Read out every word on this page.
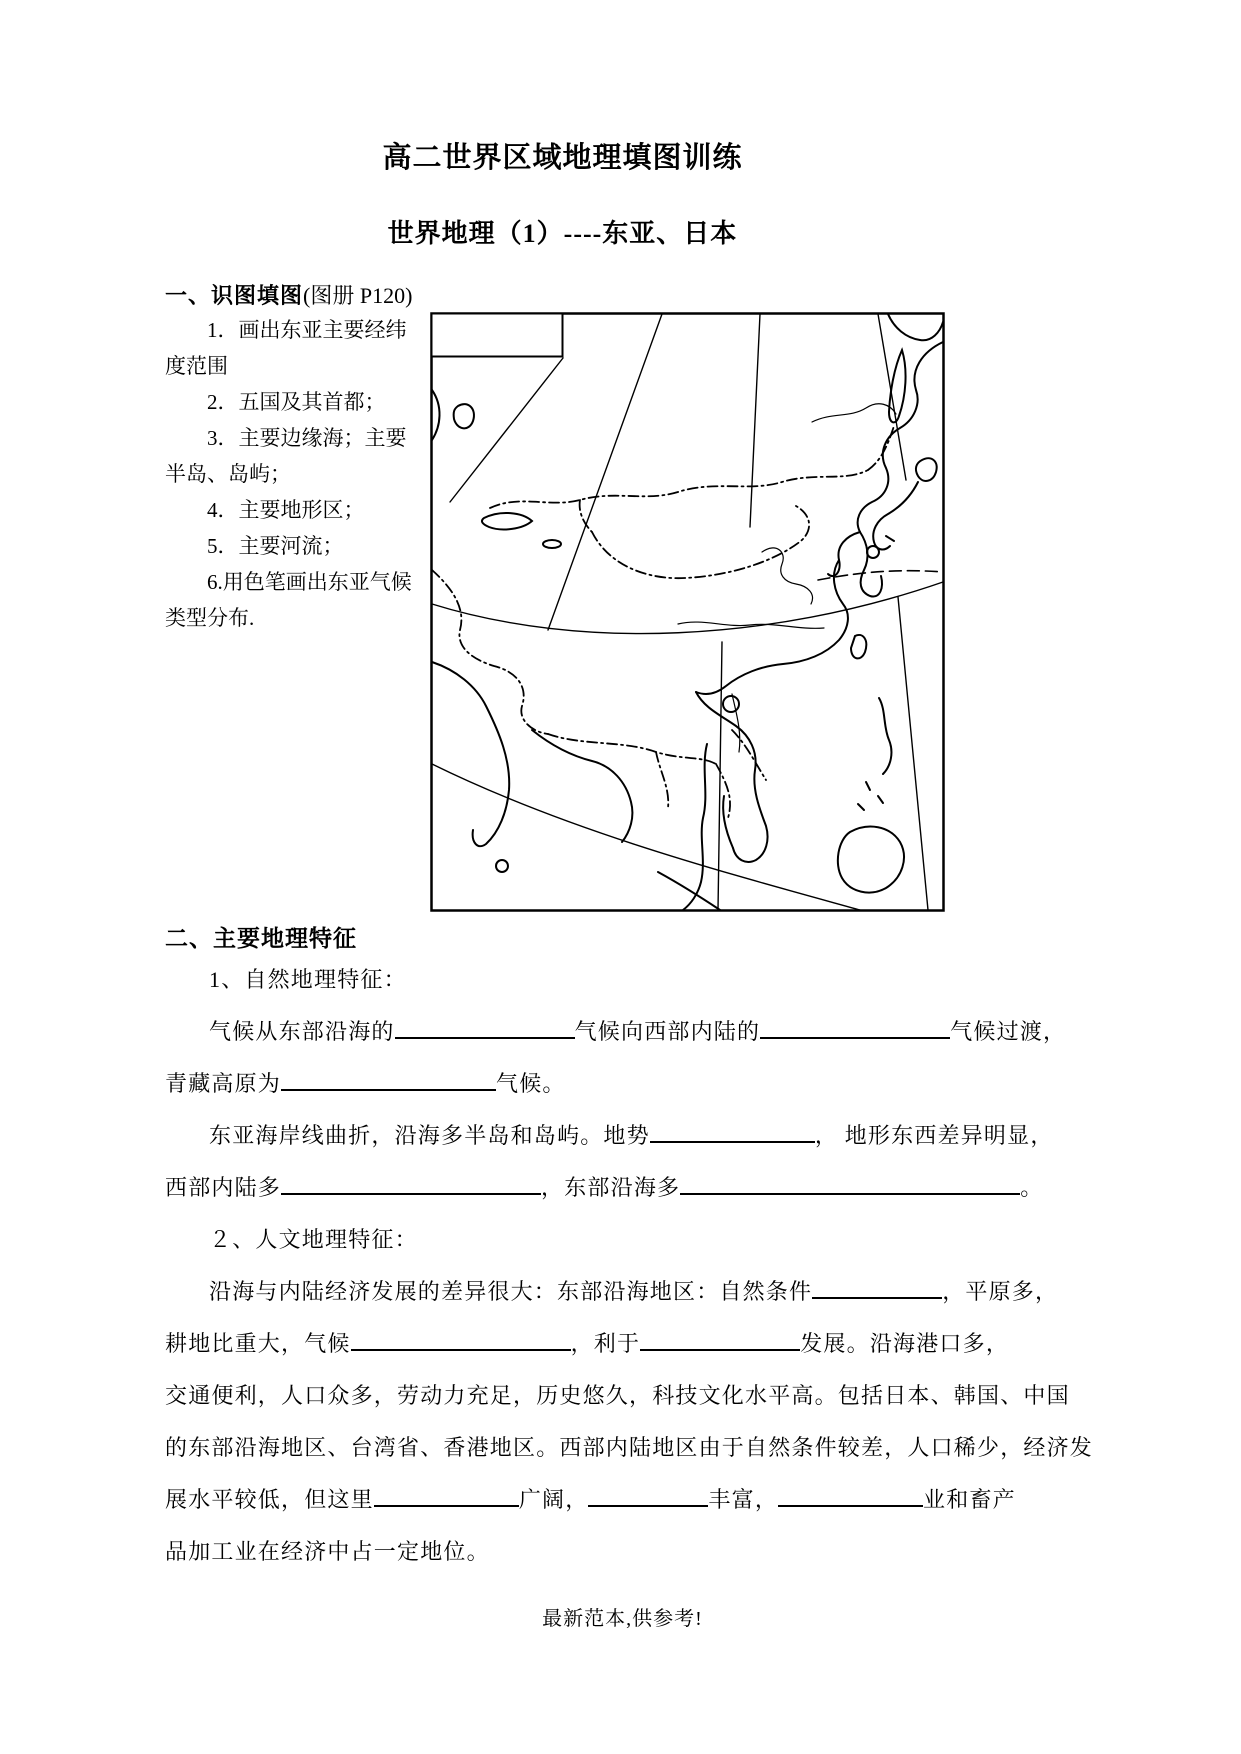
高二世界区域地理填图训练
世界地理（1）----东亚、日本

一、识图填图(图册 P120)

1．画出东亚主要经纬度范围

2．五国及其首都；

3．主要边缘海；主要半岛、岛屿；

4．主要地形区；

5．主要河流；

6.用色笔画出东亚气候类型分布.

二、主要地理特征

1、自然地理特征：
气候从东部沿海的	气候向西部内陆的	气候过渡，
青藏高原为	气候。
东亚海岸线曲折，沿海多半岛和岛屿。地势	， 地形东西差异明显，
西部内陆多	，东部沿海多	。
２、人文地理特征：
沿海与内陆经济发展的差异很大：东部沿海地区：自然条件	，平原多，
耕地比重大，气候	，利于	发展。沿海港口多，
交通便利，人口众多，劳动力充足，历史悠久，科技文化水平高。包括日本、韩国、中国
的东部沿海地区、台湾省、香港地区。西部内陆地区由于自然条件较差，人口稀少，经济发
展水平较低，但这里	广阔，	丰富，	业和畜产
品加工业在经济中占一定地位。

最新范本,供参考!
